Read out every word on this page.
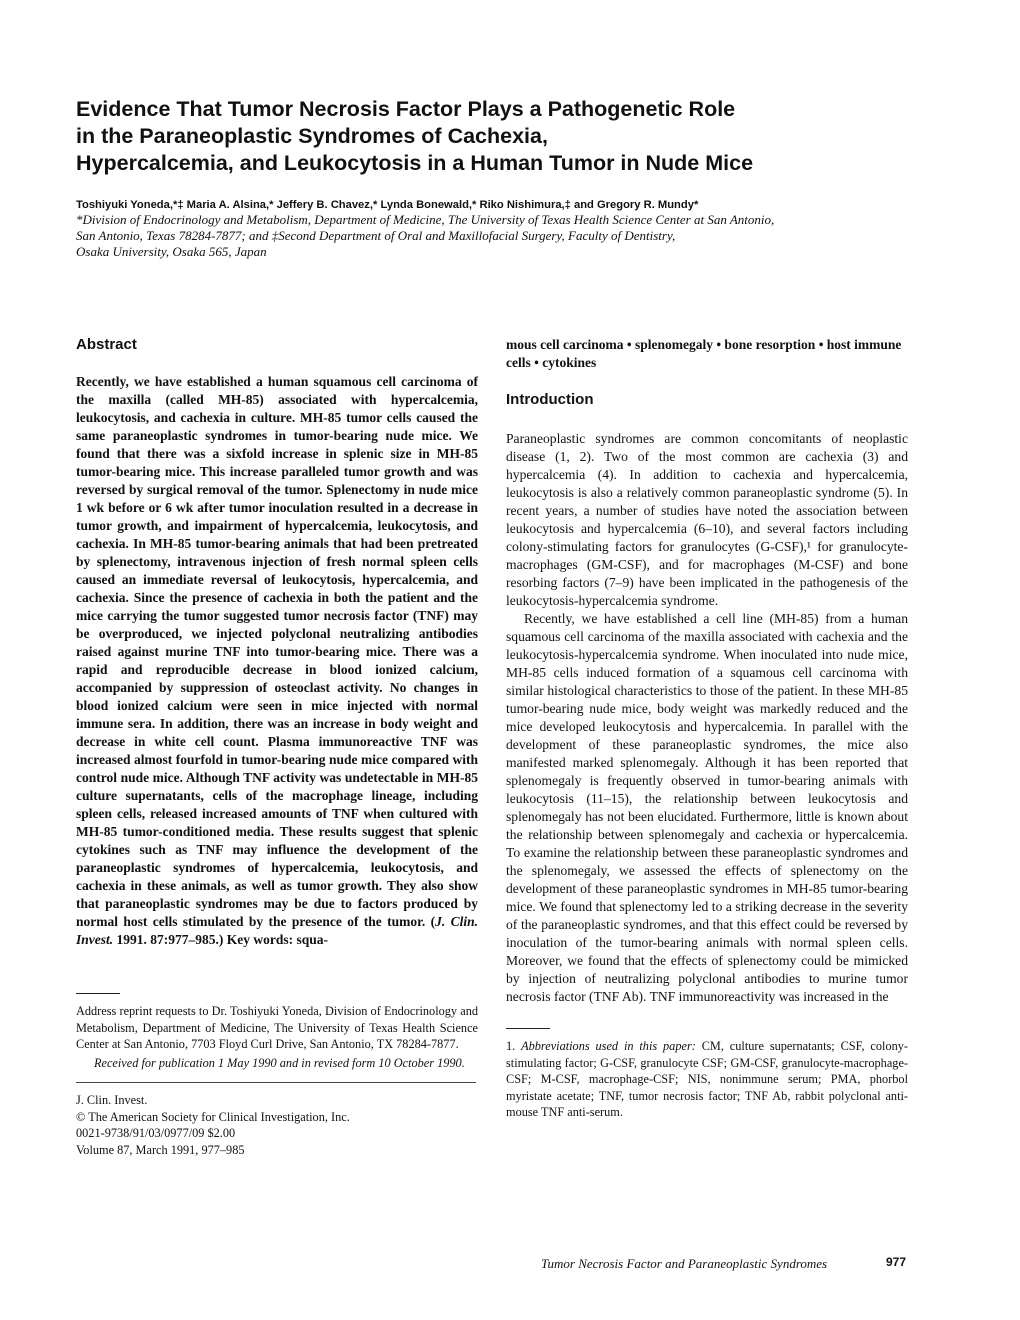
Evidence That Tumor Necrosis Factor Plays a Pathogenetic Role
in the Paraneoplastic Syndromes of Cachexia,
Hypercalcemia, and Leukocytosis in a Human Tumor in Nude Mice
Toshiyuki Yoneda,*‡ Maria A. Alsina,* Jeffery B. Chavez,* Lynda Bonewald,* Riko Nishimura,‡ and Gregory R. Mundy*
*Division of Endocrinology and Metabolism, Department of Medicine, The University of Texas Health Science Center at San Antonio,
San Antonio, Texas 78284-7877; and ‡Second Department of Oral and Maxillofacial Surgery, Faculty of Dentistry,
Osaka University, Osaka 565, Japan
Abstract

Recently, we have established a human squamous cell carcinoma of the maxilla (called MH-85) associated with hypercalcemia, leukocytosis, and cachexia in culture. MH-85 tumor cells caused the same paraneoplastic syndromes in tumor-bearing nude mice. We found that there was a sixfold increase in splenic size in MH-85 tumor-bearing mice. This increase paralleled tumor growth and was reversed by surgical removal of the tumor. Splenectomy in nude mice 1 wk before or 6 wk after tumor inoculation resulted in a decrease in tumor growth, and impairment of hypercalcemia, leukocytosis, and cachexia. In MH-85 tumor-bearing animals that had been pretreated by splenectomy, intravenous injection of fresh normal spleen cells caused an immediate reversal of leukocytosis, hypercalcemia, and cachexia. Since the presence of cachexia in both the patient and the mice carrying the tumor suggested tumor necrosis factor (TNF) may be overproduced, we injected polyclonal neutralizing antibodies raised against murine TNF into tumor-bearing mice. There was a rapid and reproducible decrease in blood ionized calcium, accompanied by suppression of osteoclast activity. No changes in blood ionized calcium were seen in mice injected with normal immune sera. In addition, there was an increase in body weight and decrease in white cell count. Plasma immunoreactive TNF was increased almost fourfold in tumor-bearing nude mice compared with control nude mice. Although TNF activity was undetectable in MH-85 culture supernatants, cells of the macrophage lineage, including spleen cells, released increased amounts of TNF when cultured with MH-85 tumor-conditioned media. These results suggest that splenic cytokines such as TNF may influence the development of the paraneoplastic syndromes of hypercalcemia, leukocytosis, and cachexia in these animals, as well as tumor growth. They also show that paraneoplastic syndromes may be due to factors produced by normal host cells stimulated by the presence of the tumor. (J. Clin. Invest. 1991. 87:977–985.) Key words: squa-

Address reprint requests to Dr. Toshiyuki Yoneda, Division of Endocrinology and Metabolism, Department of Medicine, The University of Texas Health Science Center at San Antonio, 7703 Floyd Curl Drive, San Antonio, TX 78284-7877.

Received for publication 1 May 1990 and in revised form 10 October 1990.

J. Clin. Invest.

© The American Society for Clinical Investigation, Inc.

0021-9738/91/03/0977/09 $2.00

Volume 87, March 1991, 977–985

mous cell carcinoma • splenomegaly • bone resorption • host immune cells • cytokines

Introduction

Paraneoplastic syndromes are common concomitants of neoplastic disease (1, 2). Two of the most common are cachexia (3) and hypercalcemia (4). In addition to cachexia and hypercalcemia, leukocytosis is also a relatively common paraneoplastic syndrome (5). In recent years, a number of studies have noted the association between leukocytosis and hypercalcemia (6–10), and several factors including colony-stimulating factors for granulocytes (G-CSF),¹ for granulocyte-macrophages (GM-CSF), and for macrophages (M-CSF) and bone resorbing factors (7–9) have been implicated in the pathogenesis of the leukocytosis-hypercalcemia syndrome.

Recently, we have established a cell line (MH-85) from a human squamous cell carcinoma of the maxilla associated with cachexia and the leukocytosis-hypercalcemia syndrome. When inoculated into nude mice, MH-85 cells induced formation of a squamous cell carcinoma with similar histological characteristics to those of the patient. In these MH-85 tumor-bearing nude mice, body weight was markedly reduced and the mice developed leukocytosis and hypercalcemia. In parallel with the development of these paraneoplastic syndromes, the mice also manifested marked splenomegaly. Although it has been reported that splenomegaly is frequently observed in tumor-bearing animals with leukocytosis (11–15), the relationship between leukocytosis and splenomegaly has not been elucidated. Furthermore, little is known about the relationship between splenomegaly and cachexia or hypercalcemia. To examine the relationship between these paraneoplastic syndromes and the splenomegaly, we assessed the effects of splenectomy on the development of these paraneoplastic syndromes in MH-85 tumor-bearing mice. We found that splenectomy led to a striking decrease in the severity of the paraneoplastic syndromes, and that this effect could be reversed by inoculation of the tumor-bearing animals with normal spleen cells. Moreover, we found that the effects of splenectomy could be mimicked by injection of neutralizing polyclonal antibodies to murine tumor necrosis factor (TNF Ab). TNF immunoreactivity was increased in the

1. Abbreviations used in this paper: CM, culture supernatants; CSF, colony-stimulating factor; G-CSF, granulocyte CSF; GM-CSF, granulocyte-macrophage-CSF; M-CSF, macrophage-CSF; NIS, nonimmune serum; PMA, phorbol myristate acetate; TNF, tumor necrosis factor; TNF Ab, rabbit polyclonal anti-mouse TNF anti-serum.

Tumor Necrosis Factor and Paraneoplastic Syndromes	977
